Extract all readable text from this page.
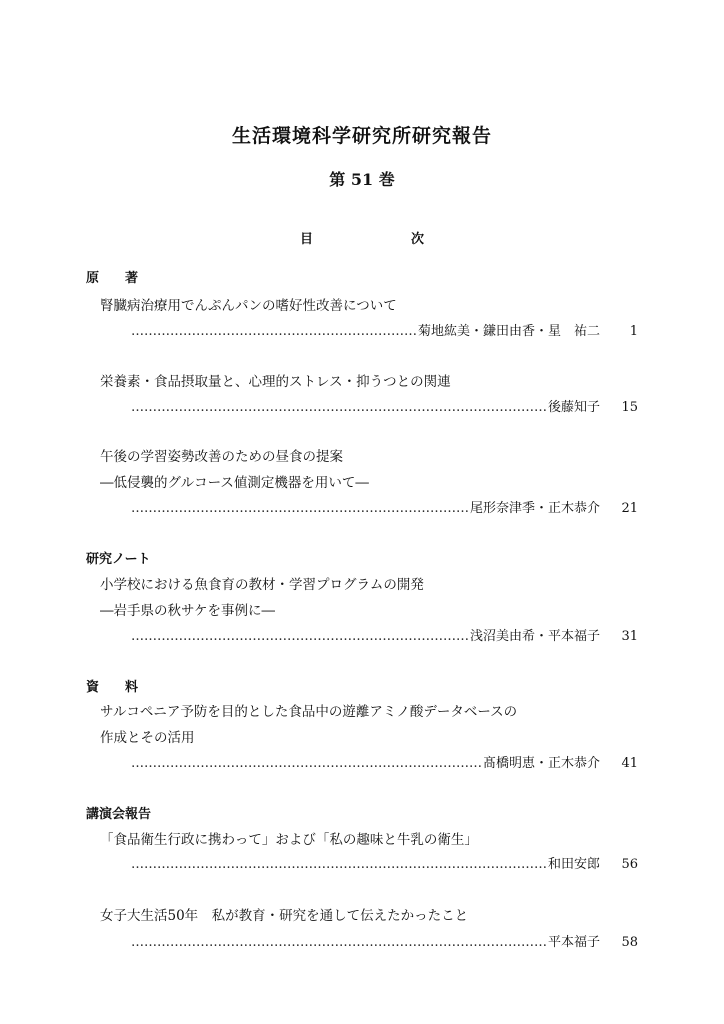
生活環境科学研究所研究報告
第 51 巻
目	次
原　　著
腎臓病治療用でんぷんパンの嗜好性改善について
…………………………………………………………………………………………………………………………………………………………………………………………………………
菊地紘美・鎌田由香・星　祐二	1
栄養素・食品摂取量と、心理的ストレス・抑うつとの関連
…………………………………………………………………………………………………………………………………………………………………………………………………………
後藤知子	15
午後の学習姿勢改善のための昼食の提案
―低侵襲的グルコース値測定機器を用いて―
…………………………………………………………………………………………………………………………………………………………………………………………………………
尾形奈津季・正木恭介	21
研究ノート
小学校における魚食育の教材・学習プログラムの開発
―岩手県の秋サケを事例に―
…………………………………………………………………………………………………………………………………………………………………………………………………………
浅沼美由希・平本福子	31
資　　料
サルコペニア予防を目的とした食品中の遊離アミノ酸データベースの
作成とその活用
…………………………………………………………………………………………………………………………………………………………………………………………………………
髙橋明恵・正木恭介	41
講演会報告
「食品衛生行政に携わって」および「私の趣味と牛乳の衛生」
…………………………………………………………………………………………………………………………………………………………………………………………………………
和田安郎	56
女子大生活50年　私が教育・研究を通して伝えたかったこと
…………………………………………………………………………………………………………………………………………………………………………………………………………
平本福子	58
